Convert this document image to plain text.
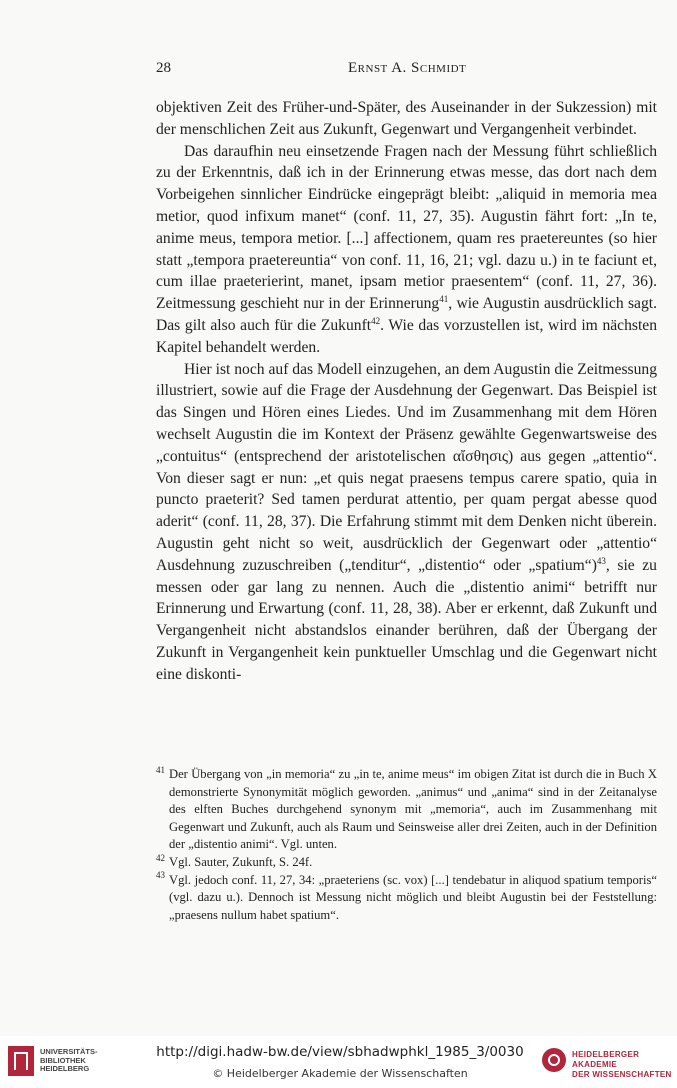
28	Ernst A. Schmidt

objektiven Zeit des Früher-und-Später, des Auseinander in der Sukzession) mit der menschlichen Zeit aus Zukunft, Gegenwart und Vergangenheit verbindet.

Das daraufhin neu einsetzende Fragen nach der Messung führt schließlich zu der Erkenntnis, daß ich in der Erinnerung etwas messe, das dort nach dem Vorbeigehen sinnlicher Eindrücke eingeprägt bleibt: „aliquid in memoria mea metior, quod infixum manet“ (conf. 11, 27, 35). Augustin fährt fort: „In te, anime meus, tempora metior. [...] affectionem, quam res praetereuntes (so hier statt „tempora praetereuntia“ von conf. 11, 16, 21; vgl. dazu u.) in te faciunt et, cum illae praeterierint, manet, ipsam metior praesentem“ (conf. 11, 27, 36). Zeitmessung geschieht nur in der Erinnerung$^{41}$, wie Augustin ausdrücklich sagt. Das gilt also auch für die Zukunft$^{42}$. Wie das vorzustellen ist, wird im nächsten Kapitel behandelt werden.

Hier ist noch auf das Modell einzugehen, an dem Augustin die Zeitmessung illustriert, sowie auf die Frage der Ausdehnung der Gegenwart. Das Beispiel ist das Singen und Hören eines Liedes. Und im Zusammenhang mit dem Hören wechselt Augustin die im Kontext der Präsenz gewählte Gegenwartsweise des „contuitus“ (entsprechend der aristotelischen αἴσθησις) aus gegen „attentio“. Von dieser sagt er nun: „et quis negat praesens tempus carere spatio, quia in puncto praeterit? Sed tamen perdurat attentio, per quam pergat abesse quod aderit“ (conf. 11, 28, 37). Die Erfahrung stimmt mit dem Denken nicht überein. Augustin geht nicht so weit, ausdrücklich der Gegenwart oder „attentio“ Ausdehnung zuzuschreiben („tenditur“, „distentio“ oder „spatium“)$^{43}$, sie zu messen oder gar lang zu nennen. Auch die „distentio animi“ betrifft nur Erinnerung und Erwartung (conf. 11, 28, 38). Aber er erkennt, daß Zukunft und Vergangenheit nicht abstandslos einander berühren, daß der Übergang der Zukunft in Vergangenheit kein punktueller Umschlag und die Gegenwart nicht eine diskonti-

41 Der Übergang von „in memoria“ zu „in te, anime meus“ im obigen Zitat ist durch die in Buch X demonstrierte Synonymität möglich geworden. „animus“ und „anima“ sind in der Zeitanalyse des elften Buches durchgehend synonym mit „memoria“, auch im Zusammenhang mit Gegenwart und Zukunft, auch als Raum und Seinsweise aller drei Zeiten, auch in der Definition der „distentio animi“. Vgl. unten.

42 Vgl. Sauter, Zukunft, S. 24f.

43 Vgl. jedoch conf. 11, 27, 34: „praeteriens (sc. vox) [...] tendebatur in aliquod spatium temporis“ (vgl. dazu u.). Dennoch ist Messung nicht möglich und bleibt Augustin bei der Feststellung: „praesens nullum habet spatium“.

UNIVERSITÄTS-
BIBLIOTHEK
HEIDELBERG
http://digi.hadw-bw.de/view/sbhadwphkl_1985_3/0030
© Heidelberger Akademie der Wissenschaften
HEIDELBERGER AKADEMIE
DER WISSENSCHAFTEN
